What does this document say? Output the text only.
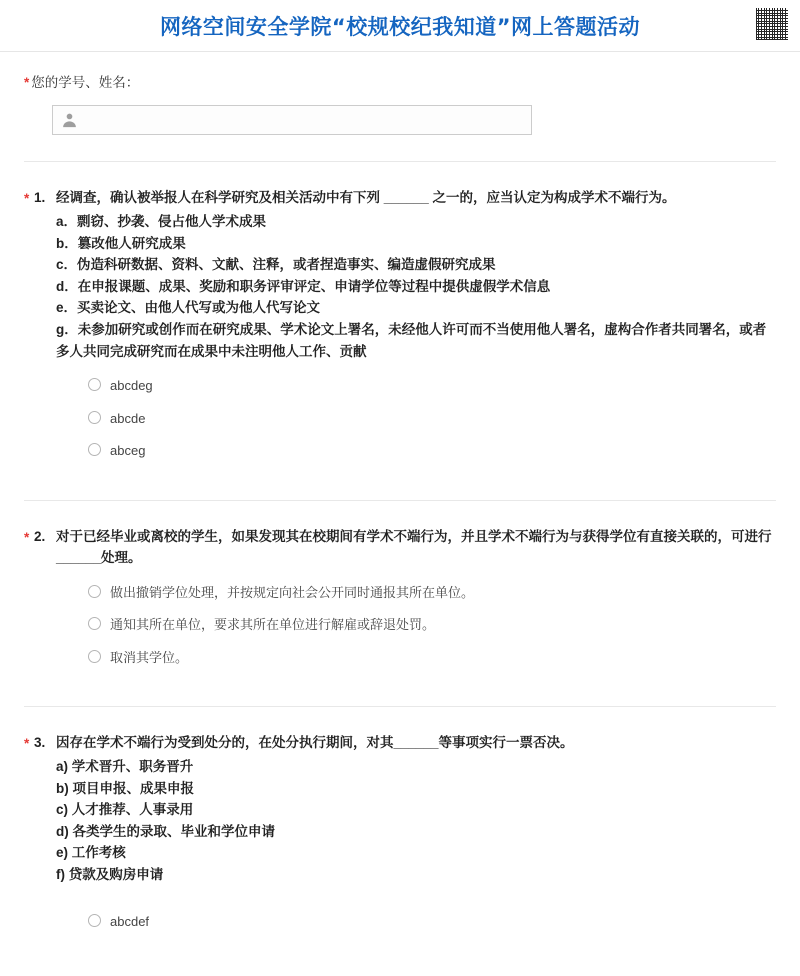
网络空间安全学院“校规校纪我知道”网上答题活动
* 您的学号、姓名：
* 1. 经调查，确认被举报人在科学研究及相关活动中有下列 ______ 之一的，应当认定为构成学术不端行为。
a．剽窃、抄袭、侵占他人学术成果
b．篡改他人研究成果
c．伪造科研数据、资料、文献、注释，或者捏造事实、编造虚假研究成果
d．在申报课题、成果、奖励和职务评审评定、申请学位等过程中提供虚假学术信息
e．买卖论文、由他人代写或为他人代写论文
g．未参加研究或创作而在研究成果、学术论文上署名，未经他人许可而不当使用他人署名，虚构合作者共同署名，或者多人共同完成研究而在成果中未注明他人工作、贡献
abcdeg
abcde
abceg
* 2. 对于已经毕业或离校的学生，如果发现其在校期间有学术不端行为，并且学术不端行为与获得学位有直接关联的，可进行______处理。
做出撤销学位处理，并按规定向社会公开同时通报其所在单位。
通知其所在单位，要求其所在单位进行解雇或辞退处罚。
取消其学位。
* 3. 因存在学术不端行为受到处分的，在处分执行期间，对其______等事项实行一票否决。
a) 学术晋升、职务晋升
b) 项目申报、成果申报
c) 人才推荐、人事录用
d) 各类学生的录取、毕业和学位申请
e) 工作考核
f) 贷款及购房申请
abcdef
